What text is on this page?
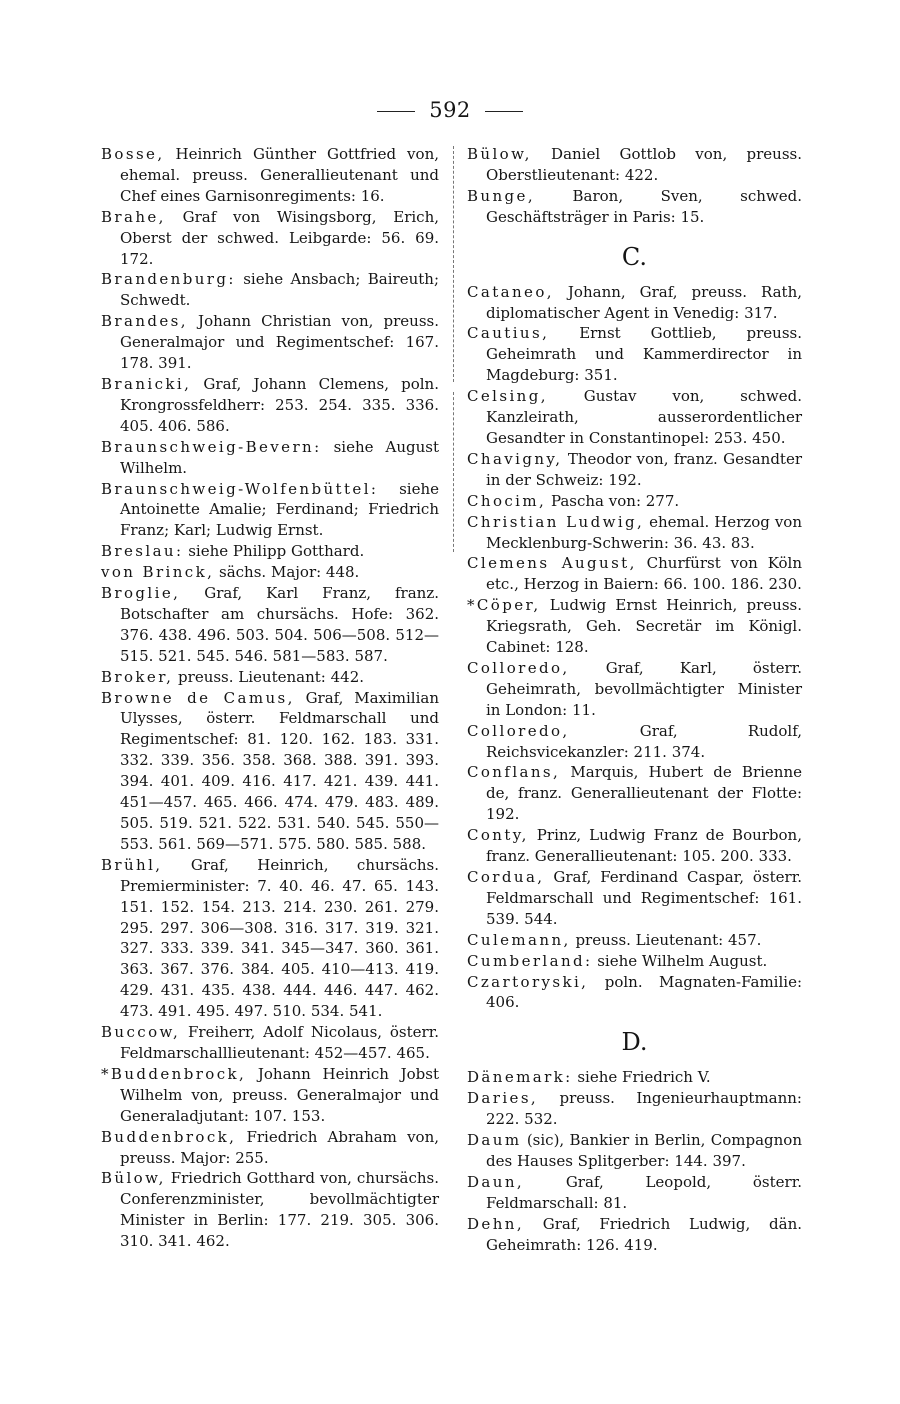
592

Bosse, Heinrich Günther Gottfried von, ehemal. preuss. Generallieutenant und Chef eines Garnisonregiments: 16.

Brahe, Graf von Wisingsborg, Erich, Oberst der schwed. Leibgarde: 56. 69. 172.

Brandenburg: siehe Ansbach; Baireuth; Schwedt.

Brandes, Johann Christian von, preuss. Generalmajor und Regimentschef: 167. 178. 391.

Branicki, Graf, Johann Clemens, poln. Krongrossfeldherr: 253. 254. 335. 336. 405. 406. 586.

Braunschweig-Bevern: siehe August Wilhelm.

Braunschweig-Wolfenbüttel: siehe Antoinette Amalie; Ferdinand; Friedrich Franz; Karl; Ludwig Ernst.

Breslau: siehe Philipp Gotthard.

von Brinck, sächs. Major: 448.

Broglie, Graf, Karl Franz, franz. Botschafter am chursächs. Hofe: 362. 376. 438. 496. 503. 504. 506—508. 512—515. 521. 545. 546. 581—583. 587.

Broker, preuss. Lieutenant: 442.

Browne de Camus, Graf, Maximilian Ulysses, österr. Feldmarschall und Regimentschef: 81. 120. 162. 183. 331. 332. 339. 356. 358. 368. 388. 391. 393. 394. 401. 409. 416. 417. 421. 439. 441. 451—457. 465. 466. 474. 479. 483. 489. 505. 519. 521. 522. 531. 540. 545. 550—553. 561. 569—571. 575. 580. 585. 588.

Brühl, Graf, Heinrich, chursächs. Premierminister: 7. 40. 46. 47. 65. 143. 151. 152. 154. 213. 214. 230. 261. 279. 295. 297. 306—308. 316. 317. 319. 321. 327. 333. 339. 341. 345—347. 360. 361. 363. 367. 376. 384. 405. 410—413. 419. 429. 431. 435. 438. 444. 446. 447. 462. 473. 491. 495. 497. 510. 534. 541.

Buccow, Freiherr, Adolf Nicolaus, österr. Feldmarschalllieutenant: 452—457. 465.

*Buddenbrock, Johann Heinrich Jobst Wilhelm von, preuss. Generalmajor und Generaladjutant: 107. 153.

Buddenbrock, Friedrich Abraham von, preuss. Major: 255.

Bülow, Friedrich Gotthard von, chursächs. Conferenzminister, bevollmächtigter Minister in Berlin: 177. 219. 305. 306. 310. 341. 462.

Bülow, Daniel Gottlob von, preuss. Oberstlieutenant: 422.

Bunge, Baron, Sven, schwed. Geschäftsträger in Paris: 15.

C.

Cataneo, Johann, Graf, preuss. Rath, diplomatischer Agent in Venedig: 317.

Cautius, Ernst Gottlieb, preuss. Geheimrath und Kammerdirector in Magdeburg: 351.

Celsing, Gustav von, schwed. Kanzleirath, ausserordentlicher Gesandter in Constantinopel: 253. 450.

Chavigny, Theodor von, franz. Gesandter in der Schweiz: 192.

Chocim, Pascha von: 277.

Christian Ludwig, ehemal. Herzog von Mecklenburg-Schwerin: 36. 43. 83.

Clemens August, Churfürst von Köln etc., Herzog in Baiern: 66. 100. 186. 230.

*Cöper, Ludwig Ernst Heinrich, preuss. Kriegsrath, Geh. Secretär im Königl. Cabinet: 128.

Colloredo, Graf, Karl, österr. Geheimrath, bevollmächtigter Minister in London: 11.

Colloredo, Graf, Rudolf, Reichsvicekanzler: 211. 374.

Conflans, Marquis, Hubert de Brienne de, franz. Generallieutenant der Flotte: 192.

Conty, Prinz, Ludwig Franz de Bourbon, franz. Generallieutenant: 105. 200. 333.

Cordua, Graf, Ferdinand Caspar, österr. Feldmarschall und Regimentschef: 161. 539. 544.

Culemann, preuss. Lieutenant: 457.

Cumberland: siehe Wilhelm August.

Czartoryski, poln. Magnaten-Familie: 406.

D.

Dänemark: siehe Friedrich V.

Daries, preuss. Ingenieurhauptmann: 222. 532.

Daum (sic), Bankier in Berlin, Compagnon des Hauses Splitgerber: 144. 397.

Daun, Graf, Leopold, österr. Feldmarschall: 81.

Dehn, Graf, Friedrich Ludwig, dän. Geheimrath: 126. 419.
